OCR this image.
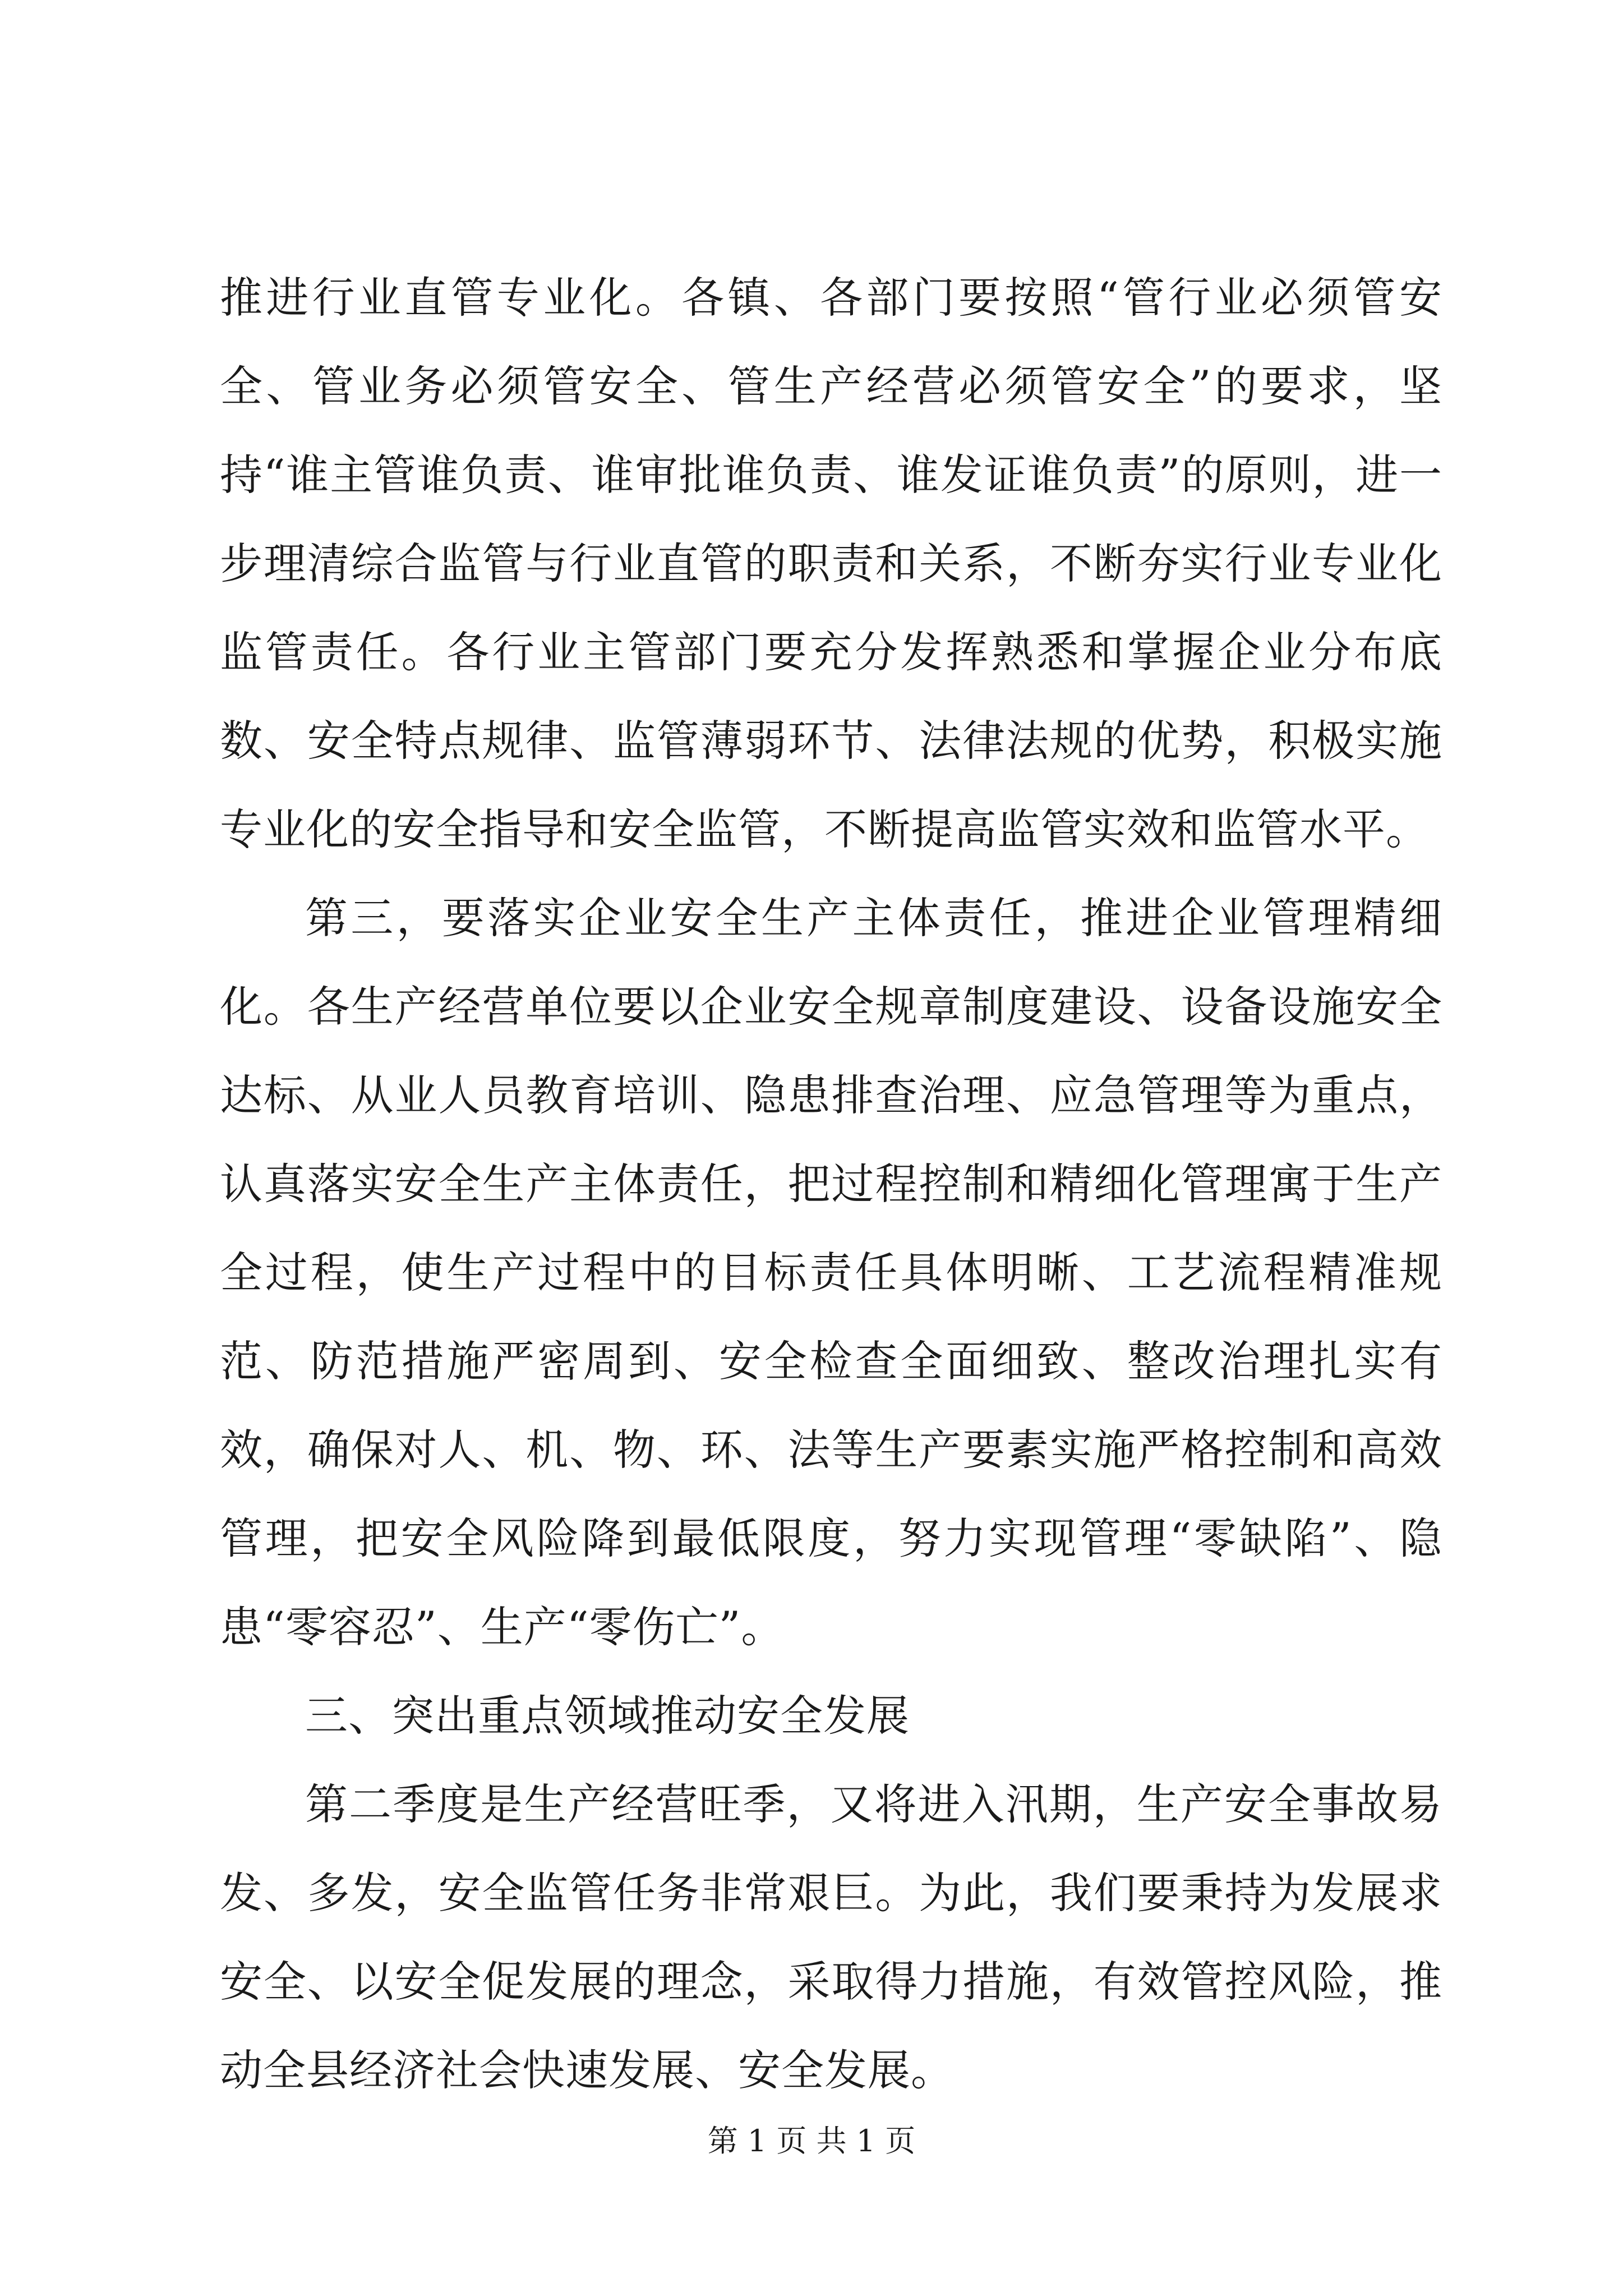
推进行业直管专业化。各镇、各部门要按照“管行业必须管安全、管业务必须管安全、管生产经营必须管安全”的要求，坚持“谁主管谁负责、谁审批谁负责、谁发证谁负责”的原则，进一步理清综合监管与行业直管的职责和关系，不断夯实行业专业化监管责任。各行业主管部门要充分发挥熟悉和掌握企业分布底数、安全特点规律、监管薄弱环节、法律法规的优势，积极实施专业化的安全指导和安全监管，不断提高监管实效和监管水平。

第三，要落实企业安全生产主体责任，推进企业管理精细化。各生产经营单位要以企业安全规章制度建设、设备设施安全达标、从业人员教育培训、隐患排查治理、应急管理等为重点，认真落实安全生产主体责任，把过程控制和精细化管理寓于生产全过程，使生产过程中的目标责任具体明晰、工艺流程精准规范、防范措施严密周到、安全检查全面细致、整改治理扎实有效，确保对人、机、物、环、法等生产要素实施严格控制和高效管理，把安全风险降到最低限度，努力实现管理“零缺陷”、隐患“零容忍”、生产“零伤亡”。

三、突出重点领域推动安全发展

第二季度是生产经营旺季，又将进入汛期，生产安全事故易发、多发，安全监管任务非常艰巨。为此，我们要秉持为发展求安全、以安全促发展的理念，采取得力措施，有效管控风险，推动全县经济社会快速发展、安全发展。

第 1 页 共 1 页
